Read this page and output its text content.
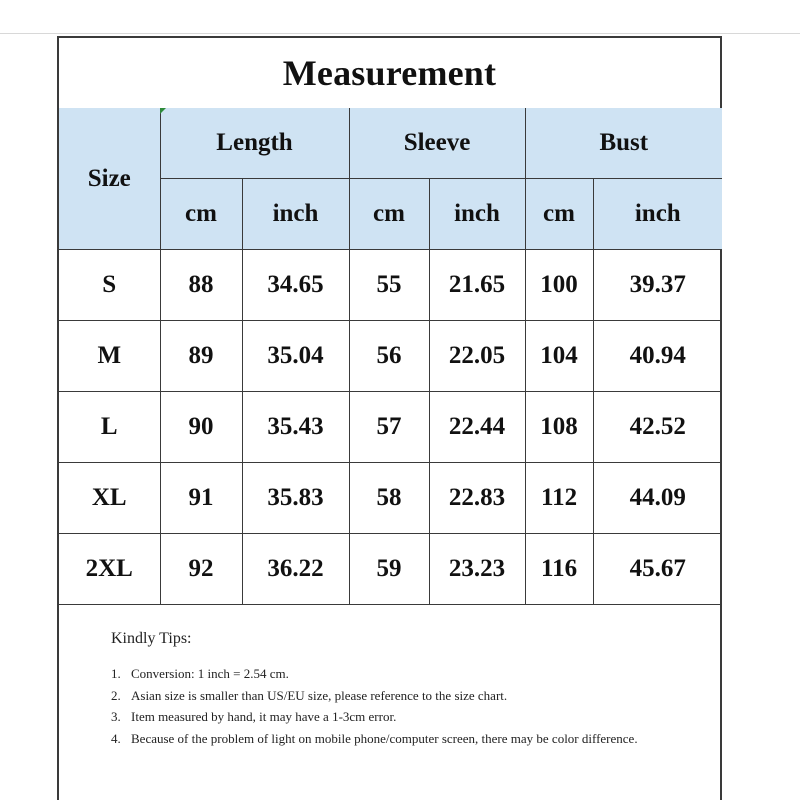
Measurement
Size	Length		Sleeve		Bust	
	cm	inch	cm	inch	cm	inch
S	88	34.65	55	21.65	100	39.37
M	89	35.04	56	22.05	104	40.94
L	90	35.43	57	22.44	108	42.52
XL	91	35.83	58	22.83	112	44.09
2XL	92	36.22	59	23.23	116	45.67
Kindly Tips:
1. Conversion: 1 inch = 2.54 cm.
2. Asian size is smaller than US/EU size, please reference to the size chart.
3. Item measured by hand, it may have a 1-3cm error.
4. Because of the problem of light on mobile phone/computer screen, there may be color difference.
